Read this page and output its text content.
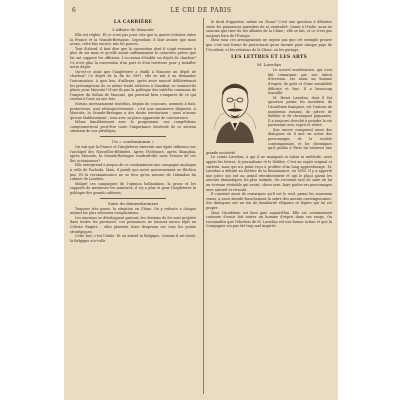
6	LE CRI DE PARIS
LA CARRIÈRE
L'affaire de Mascate

Elle est réglée. Et ce n'est pas pour cela que la guerre éclatera entre la France et la Grande-Bretagne. Cependant, il faut avouer que nous avons, cette fois encore, mis les pouces.

Tout d'abord, il faut dire que la convention dont il s'agit remonte à plus de six mois et qu'elle aurait suffisamment le caractère précis que lui ont supposé les officieux. L'occasion d'établir un dépôt de charbon? Ce n'est plus la convention d'un port et d'un territoire pour y installer notre dépôt.

Qu'est-ce ainsi que l'Angleterre a établi à Mascate un dépôt de charbon? Ce dépôt de la fin de 1897, elle se mit à en demander l'autorisation. A quoi bon, d'ailleurs, après avoir associé délibérément les présomptions de ce même traité relatives à Zanzibar, se seraient-ils gênés pour Mascate? N'ont-ils pas la politique des intérêts communs de l'empire du Sultan de Mascate, qui pourrait bien s'emparer de ce qui revient à l'une ou une fois.

Notons incessamment toutefois, depuis de concours, nommés à huit, protecteurs, sont rétrospectivement : c'est une manœuvre déguisée. A Mascate, la Grande-Bretagne a des droits territoriaux ; nous n'avons qu'une établissement ; tous avec sa place apparente de concurrence.

Même familièrement avec le programme, nos compétitions compromettront peut-être toute l'importance bénévole de ce sérieux situation de nos privilèges.

Un « condominium »

On sait que la France et l'Angleterre exercent une égale influence sur l'archipel des Nouvelles-Hébrides. Après l'échéance, après Shanghai, après Mascate, la Grande-Bretagne voudrait-elle nous évincer de ces îles océaniennes?

Elle entreprend à propos de ce condominium une campagne analogue à celle de Fachoda. Mais, il paraît que notre gouvernement ne fléchira pas. Et la reconnaissance ne se fera qu'en mesure de l'abandon du cabinet de Londres.

Malgré ces campagnes de l'opinion hollandaise, la prose et les rapports de messieurs les ministres, il n'y a plus et pour l'Angleterre la politique des grands cabinets.

Suite du démembrement

Toujours très grave, la situation en Chine. On y redoute à chaque instant les plus sérieuses complications.

Les missions se développent partout, les chemins de fer sont projetés dans toutes les provinces. Les puissances ne laissent aucun répit au Céleste Empire ; elles plantent leurs drapeaux sur tous les points stratégiques.

Cette fois, c'est l'Italie. Et on attend la Belgique. Comme il est tenté, la Belgique n'a-t-elle

le droit d'apporter, même en Chine? C'est une question à débattre entre les puissances garanties de sa neutralité. Quant à l'Italie, nous ne saurons que tirer de ses affaires de la Chine ; elle se fait, et ce n'est pas toujours bien de l'Europe.

Mais tous ces arrangements ne rayent pas que cet exemple prouve que c'est une forme de protectorat qu'on invente pour chaque pays de l'Occident, et les relations de la Chine, on les partage.

LES LETTRES ET LES ARTS
M. Lavedan

Le nouvel académicien, qui s'est fait remarquer par son talent d'écrivain, est aussi un homme d'esprit, de goût et d'une sensibilité délicate et fine. Il a beaucoup travaillé.

M. Henri Lavedan, dont il fut question parmi les membres de l'Académie française, est l'auteur de nombreux romans, de pièces de théâtre et de chroniques piquantes. Il a toujours cherché à peindre la vie parisienne avec esprit et vérité.

Son œuvre comprend aussi des dialogues où il met en scène des personnages de la société contemporaine, et les chroniques qu'il publia à Paris lui valurent une grande notoriété.

Le comte Lavedan, à qui il ne manquait ni talent ni méthode, avait appris les lettres, le journalisme et le théâtre. C'est un esprit original et curieux, mais qui n'a point reçu à profiter d'un long apprentissage. M. Lavedan a débuté au théâtre de la Renaissance, en 1890. Il y a apporté une pièce qui eut un grand retentissement et qui le plaça parmi les auteurs dramatiques les plus estimés. On reconnut tout de suite en lui un écrivain véritable qui savait, chose rare, faire parler ses personnages avec naturel et vivacité.

Il convient aussi de remarquer qu'il est le seul, parmi les nouveaux venus, à avoir abordé franchement la satire des mœurs contemporaines. Ses dialogues ont un ton de familiarité élégante et légère qui lui est propre.

Mais l'Académie est bien gaie aujourd'hui. Elle est certainement contente d'avoir fait entrer un homme d'esprit dans ses rangs. On reconnaîtra que l'élection de M. Lavedan est une bonne action et que la Compagnie n'a pas été trop mal inspirée.
